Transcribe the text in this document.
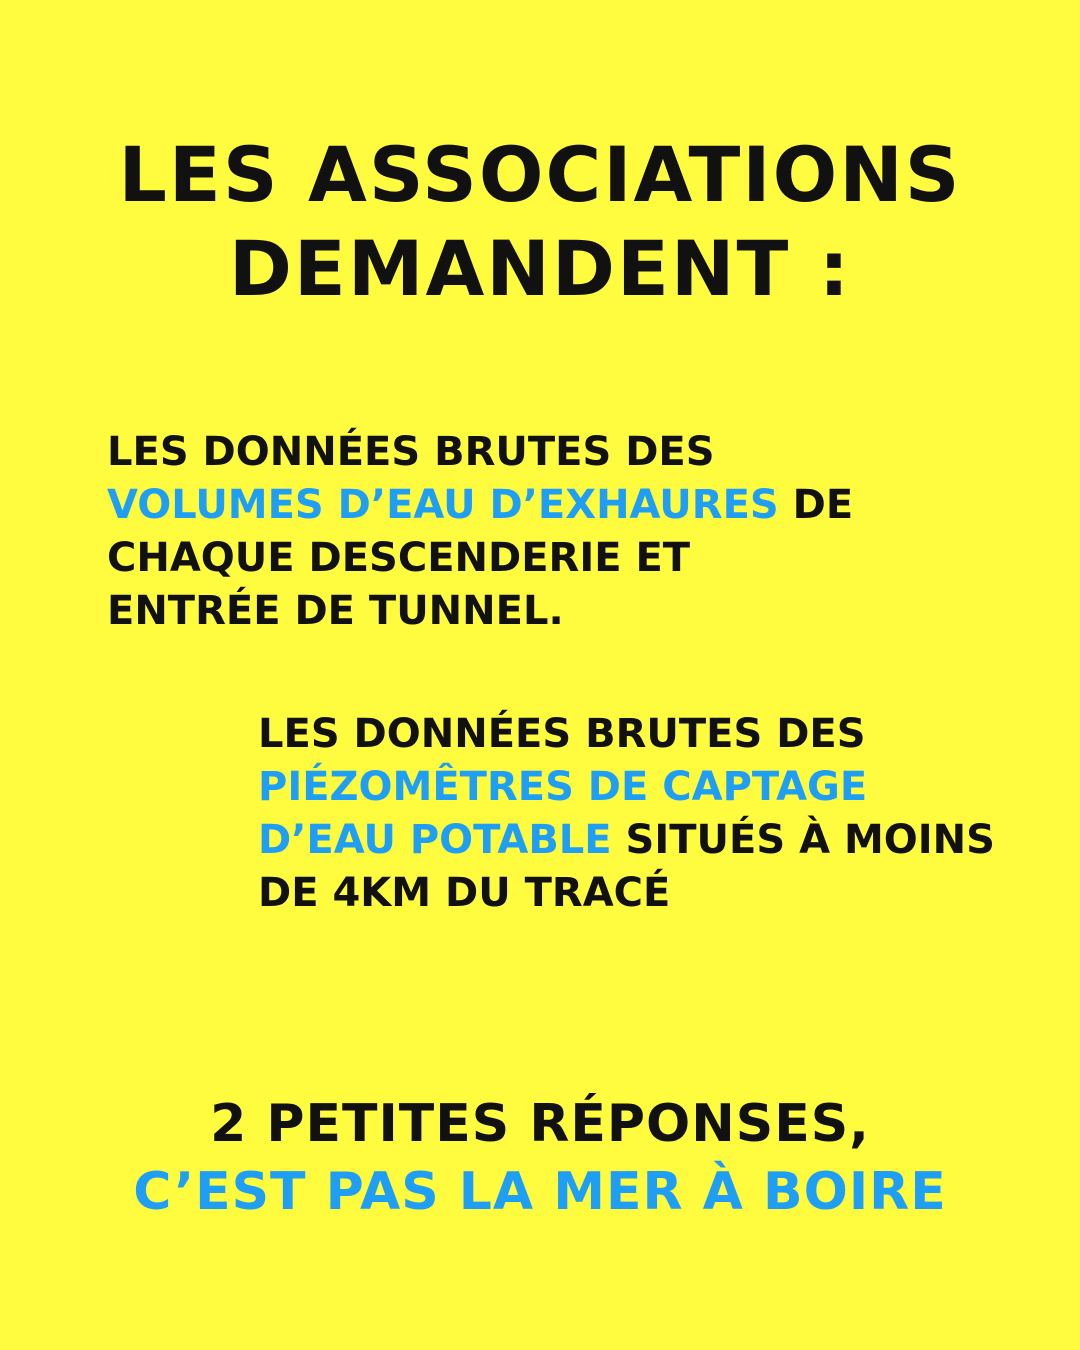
LES ASSOCIATIONS
DEMANDENT :

LES DONNÉES BRUTES DES
VOLUMES D’EAU D’EXHAURES DE
CHAQUE DESCENDERIE ET
ENTRÉE DE TUNNEL.

LES DONNÉES BRUTES DES
PIÉZOMÊTRES DE CAPTAGE
D’EAU POTABLE SITUÉS À MOINS
DE 4KM DU TRACÉ

2 PETITES RÉPONSES,
C’EST PAS LA MER À BOIRE
